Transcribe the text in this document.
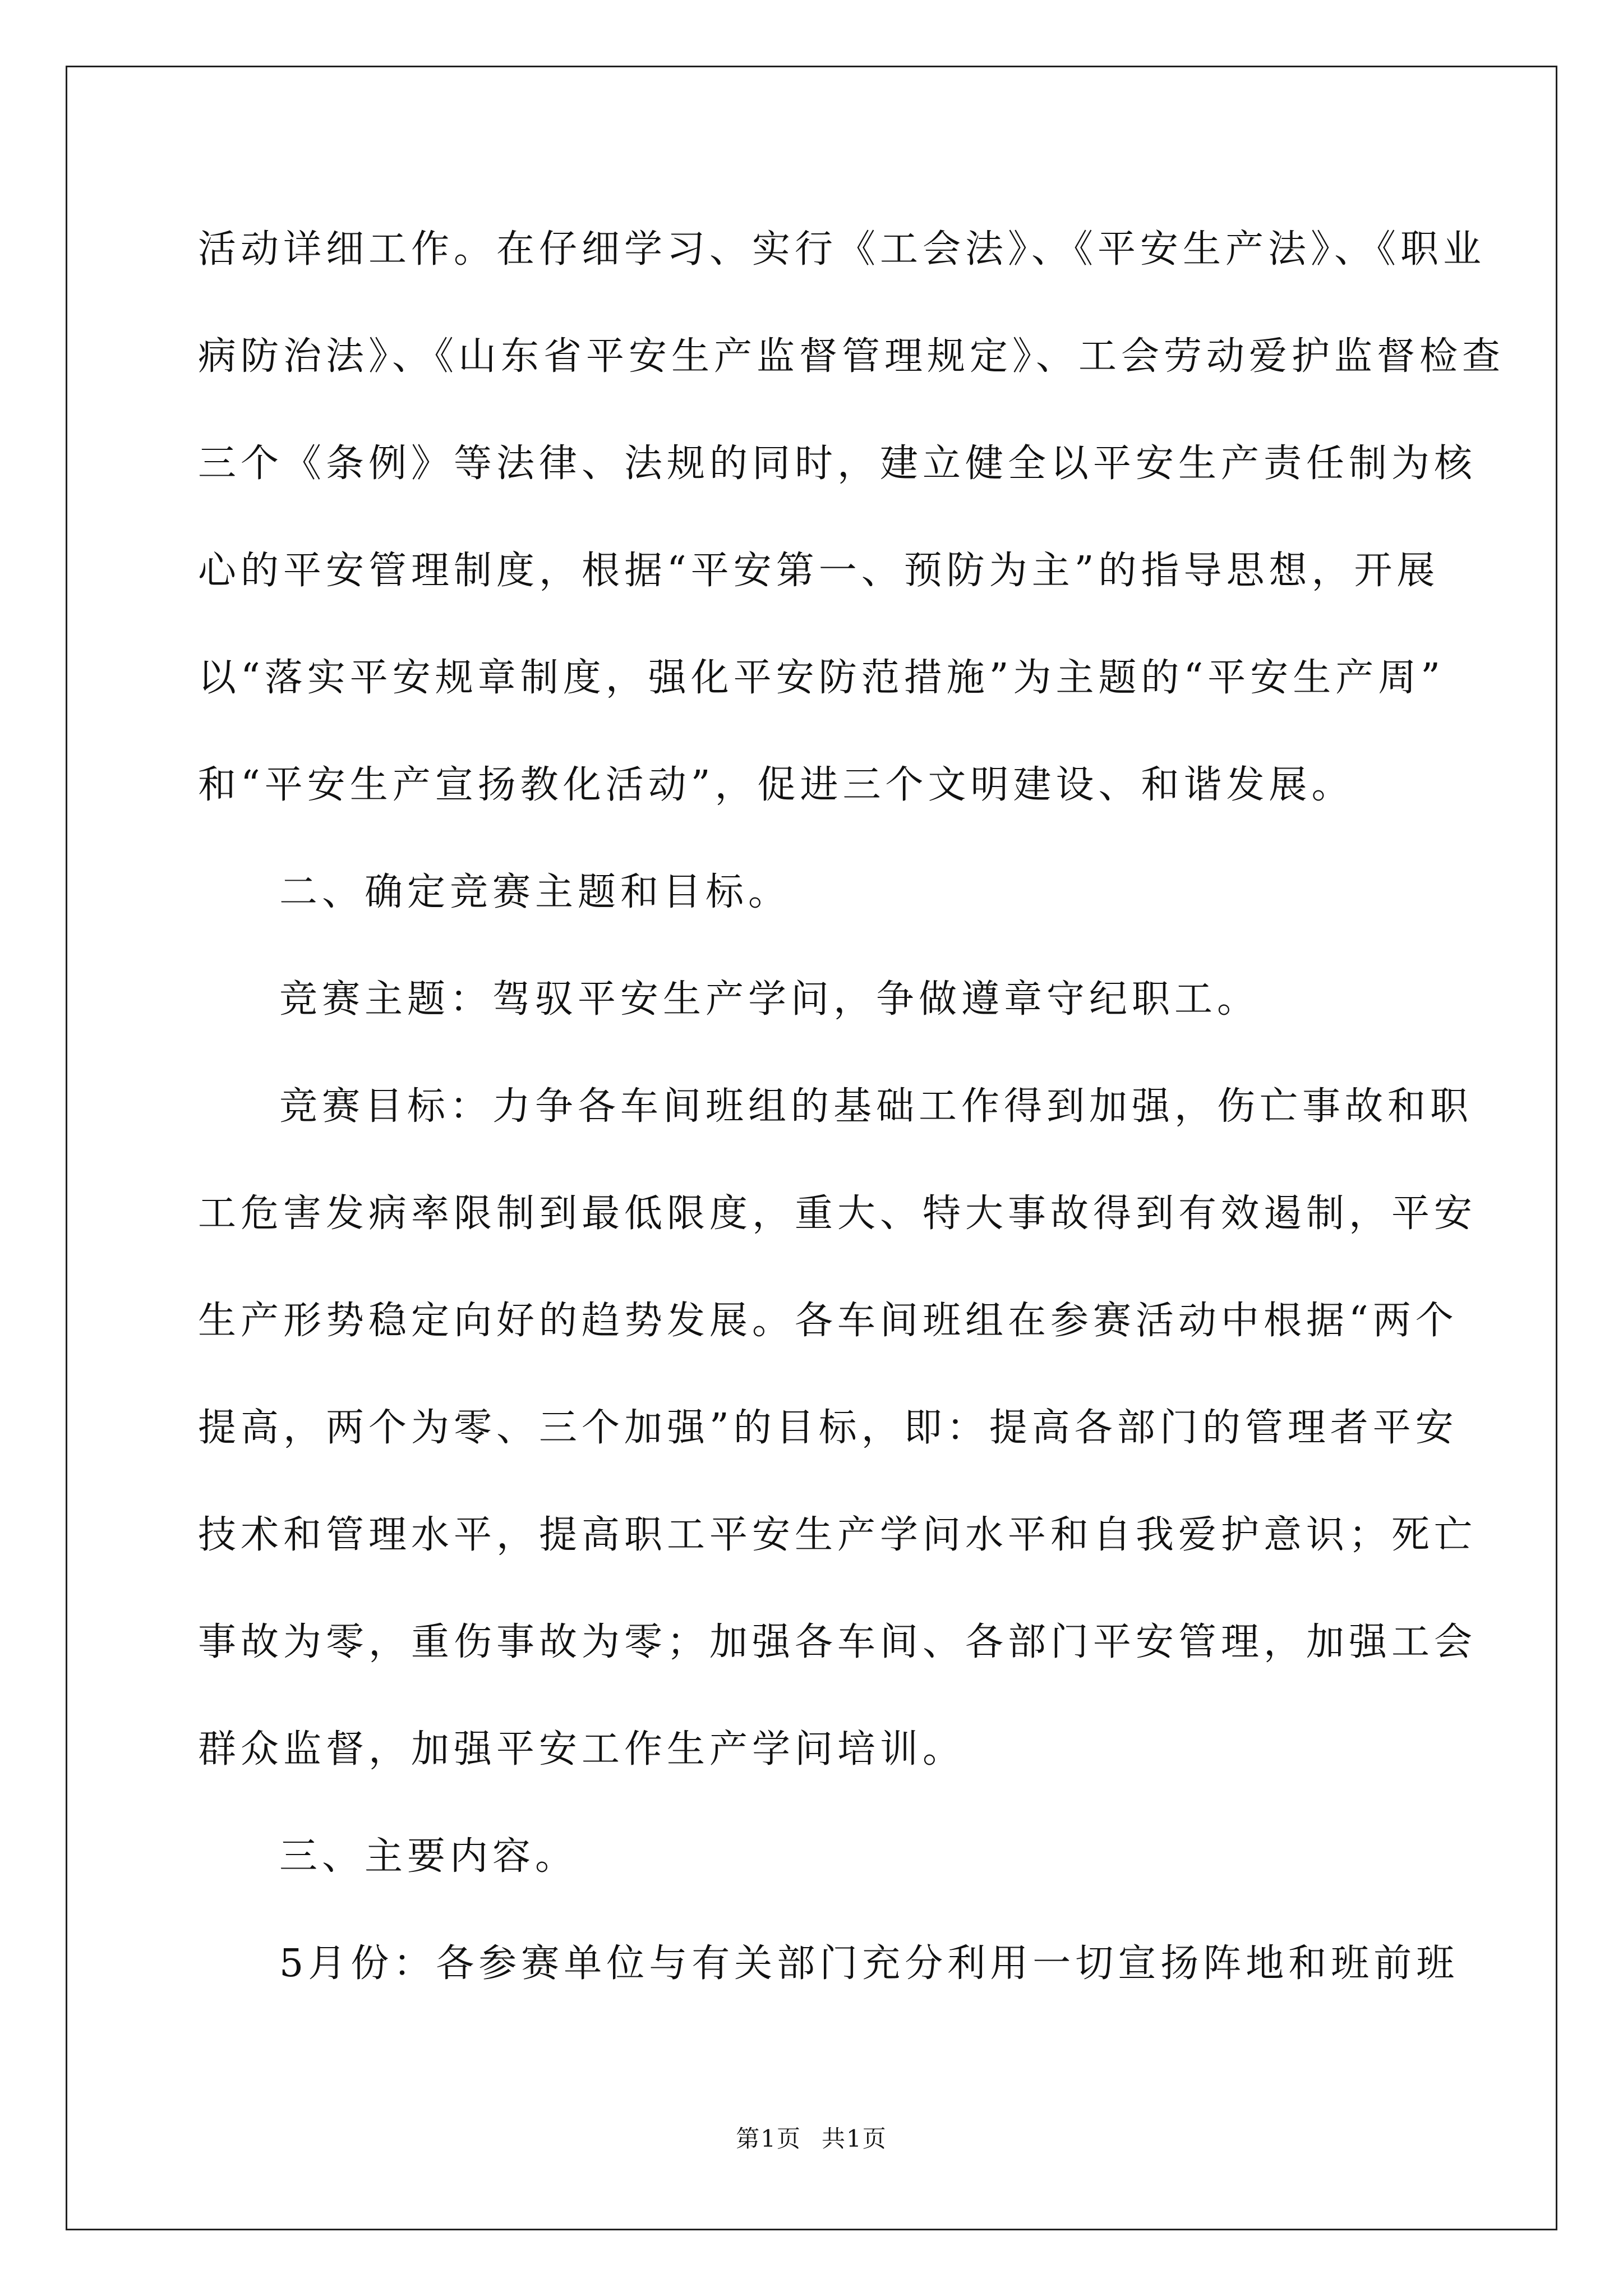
活动详细工作。在仔细学习、实行《工会法》、《平安生产法》、《职业
病防治法》、《山东省平安生产监督管理规定》、工会劳动爱护监督检查
三个《条例》等法律、法规的同时，建立健全以平安生产责任制为核
心的平安管理制度，根据“平安第一、预防为主”的指导思想，开展
以“落实平安规章制度，强化平安防范措施”为主题的“平安生产周”
和“平安生产宣扬教化活动”，促进三个文明建设、和谐发展。
二、确定竞赛主题和目标。
竞赛主题：驾驭平安生产学问，争做遵章守纪职工。
竞赛目标：力争各车间班组的基础工作得到加强，伤亡事故和职
工危害发病率限制到最低限度，重大、特大事故得到有效遏制，平安
生产形势稳定向好的趋势发展。各车间班组在参赛活动中根据“两个
提高，两个为零、三个加强”的目标，即：提高各部门的管理者平安
技术和管理水平，提高职工平安生产学问水平和自我爱护意识；死亡
事故为零，重伤事故为零；加强各车间、各部门平安管理，加强工会
群众监督，加强平安工作生产学问培训。
三、主要内容。
5月份：各参赛单位与有关部门充分利用一切宣扬阵地和班前班
第1页 共1页
